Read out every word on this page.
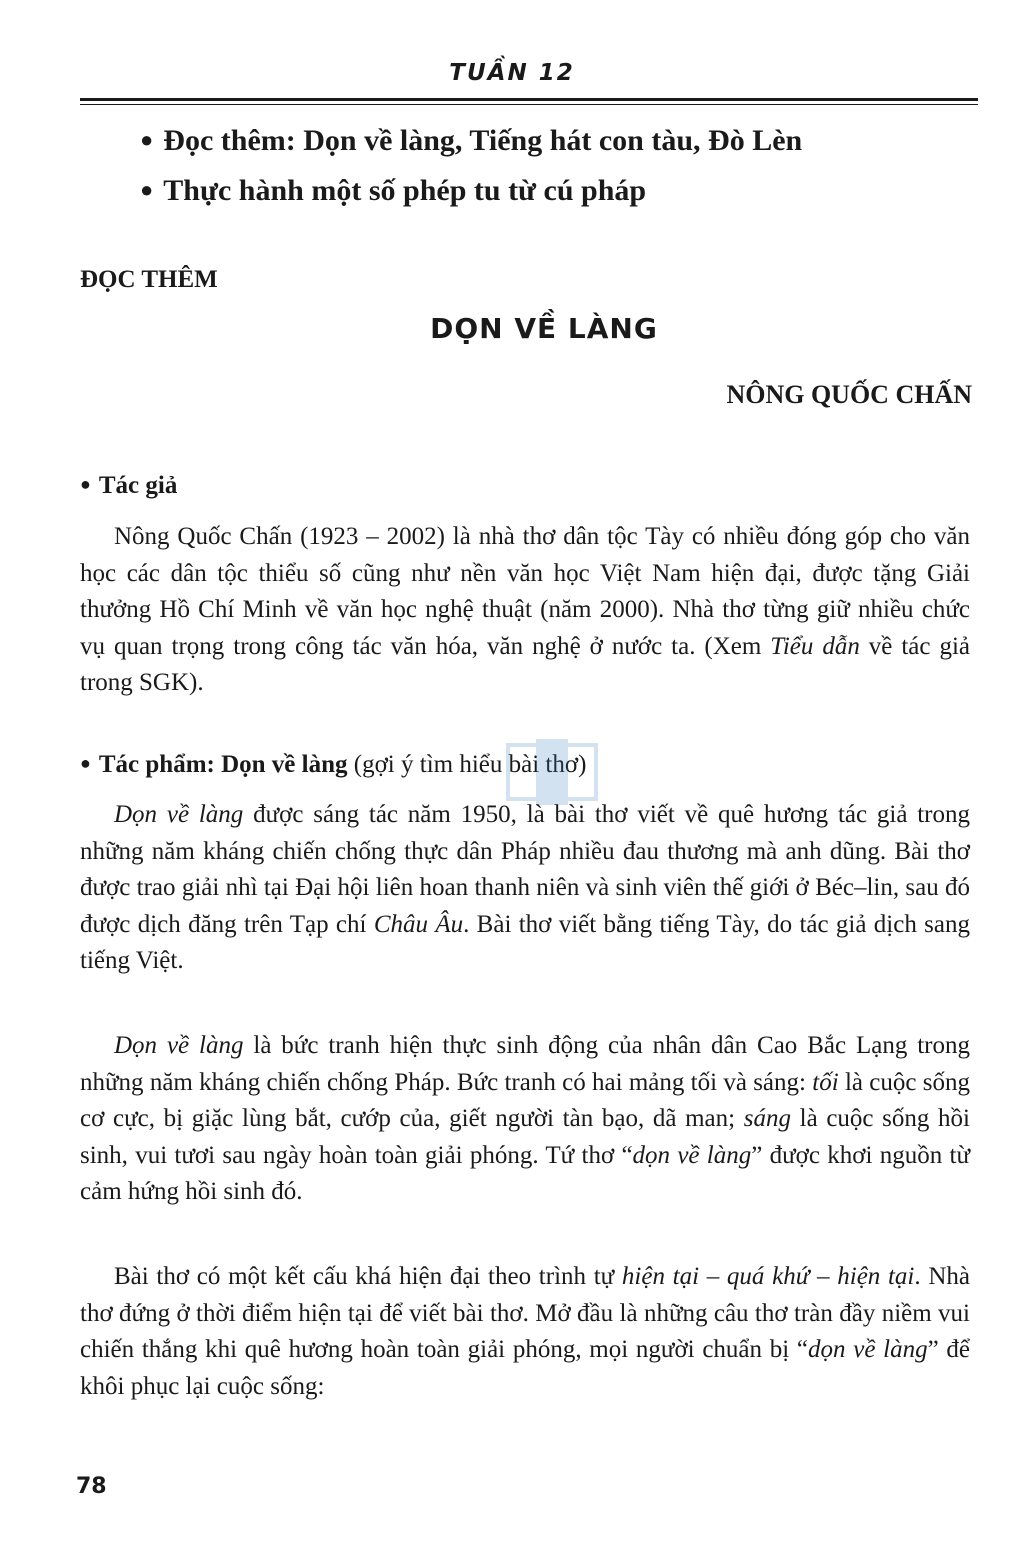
TUẦN 12
● Đọc thêm: Dọn về làng, Tiếng hát con tàu, Đò Lèn
● Thực hành một số phép tu từ cú pháp
ĐỌC THÊM
DỌN VỀ LÀNG
NÔNG QUỐC CHẤN
● Tác giả

Nông Quốc Chấn (1923 – 2002) là nhà thơ dân tộc Tày có nhiều đóng góp cho văn học các dân tộc thiểu số cũng như nền văn học Việt Nam hiện đại, được tặng Giải thưởng Hồ Chí Minh về văn học nghệ thuật (năm 2000). Nhà thơ từng giữ nhiều chức vụ quan trọng trong công tác văn hóa, văn nghệ ở nước ta. (Xem Tiểu dẫn về tác giả trong SGK).

● Tác phẩm: Dọn về làng (gợi ý tìm hiểu bài thơ)

Dọn về làng được sáng tác năm 1950, là bài thơ viết về quê hương tác giả trong những năm kháng chiến chống thực dân Pháp nhiều đau thương mà anh dũng. Bài thơ được trao giải nhì tại Đại hội liên hoan thanh niên và sinh viên thế giới ở Béc–lin, sau đó được dịch đăng trên Tạp chí Châu Âu. Bài thơ viết bằng tiếng Tày, do tác giả dịch sang tiếng Việt.

Dọn về làng là bức tranh hiện thực sinh động của nhân dân Cao Bắc Lạng trong những năm kháng chiến chống Pháp. Bức tranh có hai mảng tối và sáng: tối là cuộc sống cơ cực, bị giặc lùng bắt, cướp của, giết người tàn bạo, dã man; sáng là cuộc sống hồi sinh, vui tươi sau ngày hoàn toàn giải phóng. Tứ thơ “dọn về làng” được khơi nguồn từ cảm hứng hồi sinh đó.

Bài thơ có một kết cấu khá hiện đại theo trình tự hiện tại – quá khứ – hiện tại. Nhà thơ đứng ở thời điểm hiện tại để viết bài thơ. Mở đầu là những câu thơ tràn đầy niềm vui chiến thắng khi quê hương hoàn toàn giải phóng, mọi người chuẩn bị “dọn về làng” để khôi phục lại cuộc sống:

78
